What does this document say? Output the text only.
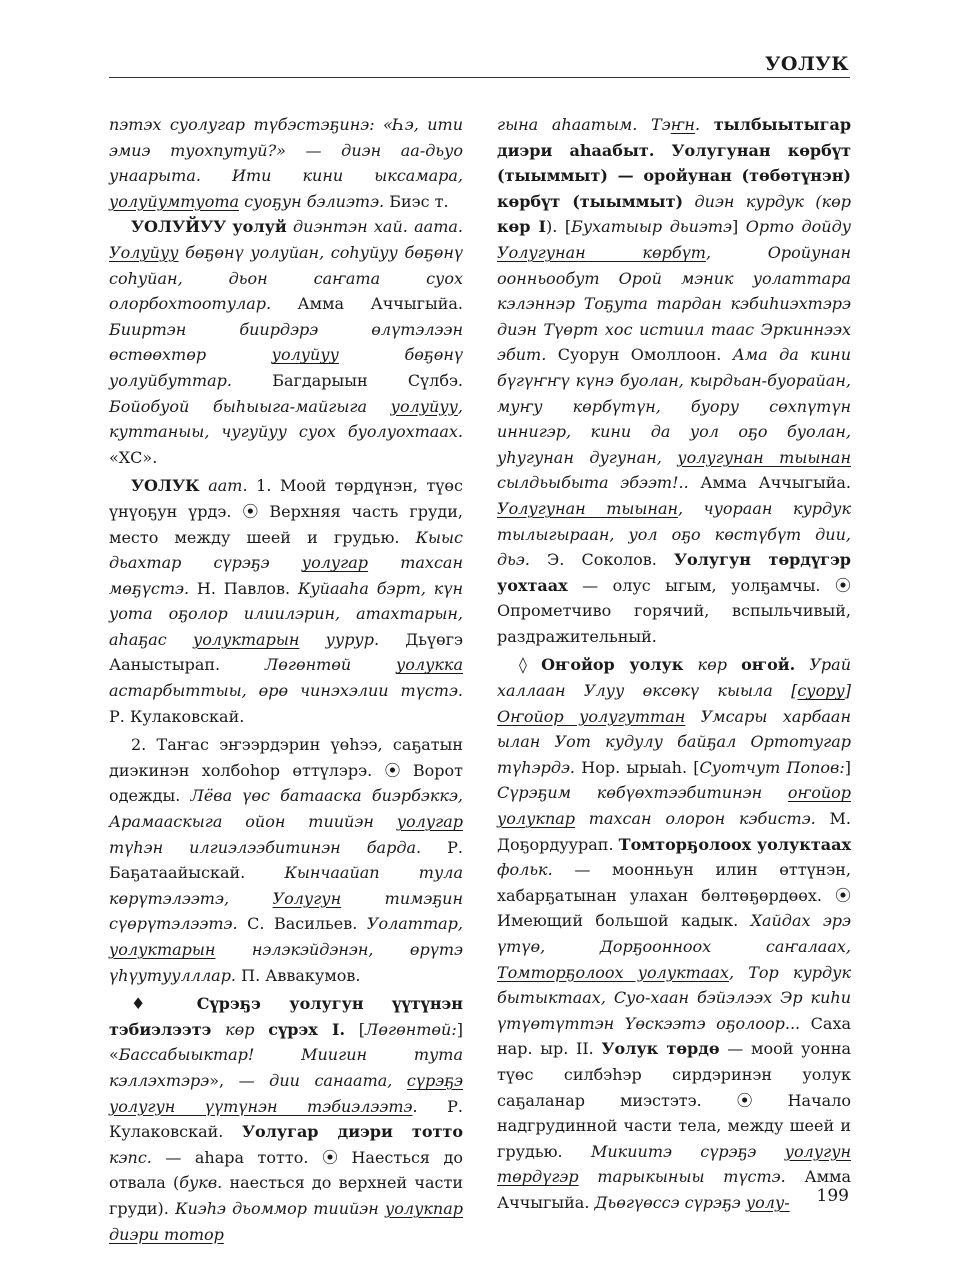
УОЛУК

пэтэх суолугар түбэстэҕинэ: «Һэ, ити эмиэ туохпутуй?» — диэн аа-дьуо унаарыта. Ити кини ыксамара, уолуйумтуота суоҕун бэлиэтэ. Биэс т.

УОЛУЙУУ уолуй диэнтэн хай. аата. Уолуйуу бөҕөнү уолуйан, соһуйуу бөҕөнү соһуйан, дьон саҥата суох олорбохтоотулар. Амма Аччыгыйа. Бииртэн биирдэрэ өлүтэлээн өстөөхтөр уолуйуу бөҕөнү уолуйбуттар. Багдарыын Сүлбэ. Бойобуой быһыыга-майгыга уолуйуу, куттаныы, чугуйуу суох буолуохтаах. «ХС».

УОЛУК аат. 1. Моой төрдүнэн, түөс үнүоҕун үрдэ. ⦿ Верхняя часть груди, место между шеей и грудью. Кыыс дьахтар сүрэҕэ уолугар тахсан мөҕүстэ. Н. Павлов. Куйааһа бэрт, күн уота оҕолор илиилэрин, атахтарын, аһаҕас уолуктарын уурур. Дьүөгэ Ааныстырап. Лөгөнтөй уолукка астарбыттыы, өрө чинэхэлии түстэ. Р. Кулаковскай.

2. Таҥас эҥээрдэрин үөһээ, саҕатын диэкинэн холбоһор өттүлэрэ. ⦿ Ворот одежды. Лёва үөс батааска биэрбэккэ, Арамааскыга ойон тиийэн уолугар түһэн илгиэлээбитинэн барда. Р. Баҕатаайыскай. Кынчаайап тула көрүтэлээтэ, Уолугун тимэҕин сүөрүтэлээтэ. С. Васильев. Уолаттар, уолуктарын нэлэкэйдэнэн, өрүтэ үһүутуулллар. П. Аввакумов.

♦ Сүрэҕэ уолугун үүтүнэн тэбиэлээтэ көр сүрэх I. [Лөгөнтөй:] «Бассабыыктар! Миигин тута кэллэхтэрэ», — дии санаата, сүрэҕэ уолугун үүтүнэн тэбиэлээтэ. Р. Кулаковскай. Уолугар диэри тотто кэпс. — аһара тотто. ⦿ Наесться до отвала (букв. наесться до верхней части груди). Киэһэ дьоммор тиийэн уолукпар диэри тотор

гына аһаатым. Тэҥн. тылбыытыгар диэри аһаабыт. Уолугунан көрбүт (тыыммыт) — оройунан (төбөтүнэн) көрбүт (тыыммыт) диэн курдук (көр көр I). [Бухатыыр дьиэтэ] Орто дойду Уолугунан көрбүт, Оройунан оонньообут Орой мэник уолаттара кэлэннэр Тоҕута тардан кэбиһиэхтэрэ диэн Түөрт хос истиил таас Эркиннээх эбит. Суорун Омоллоон. Ама да кини бүгүҥҥү күнэ буолан, кырдьан-буорайан, муҥу көрбүтүн, буору сөхпүтүн иннигэр, кини да уол оҕо буолан, уһугунан дугунан, уолугунан тыынан сылдьыбыта эбээт!.. Амма Аччыгыйа. Уолугунан тыынан, чуораан курдук тылыгыраан, уол оҕо көстүбүт дии, дьэ. Э. Соколов. Уолугун төрдүгэр уохтаах — олус ыгым, уолҕамчы. ⦿ Опрометчиво горячий, вспыльчивый, раздражительный.

◊ Оҥойор уолук көр оҥой. Урай халлаан Улуу өксөкү кыыла [суору] Оҥойор уолугуттан Умсары харбаан ылан Уот кудулу байҕал Ортотугар түһэрдэ. Нор. ырыаһ. [Суотчут Попов:] Сүрэҕим көбүөхтээбитинэн оҥойор уолукпар тахсан олорон кэбистэ. М. Доҕордуурап. Томторҕолоох уолуктаах фольк. — моонньун илин өттүнэн, хабарҕатынан улахан бөлтөҕөрдөөх. ⦿ Имеющий большой кадык. Хайдах эрэ үтүө, Дорҕоонноох саҥалаах, Томторҕолоох уолуктаах, Тор курдук бытыктаах, Суо-хаан бэйэлээх Эр киһи үтүөтүттэн Үөскээтэ оҕолоор... Саха нар. ыр. II. Уолук төрдө — моой уонна түөс силбэһэр сирдэринэн уолук саҕаланар миэстэтэ. ⦿ Начало надгрудинной части тела, между шеей и грудью. Микиитэ сүрэҕэ уолугун төрдүгэр тарыкыныы түстэ. Амма Аччыгыйа. Дьөгүөссэ сүрэҕэ уолу-	199
